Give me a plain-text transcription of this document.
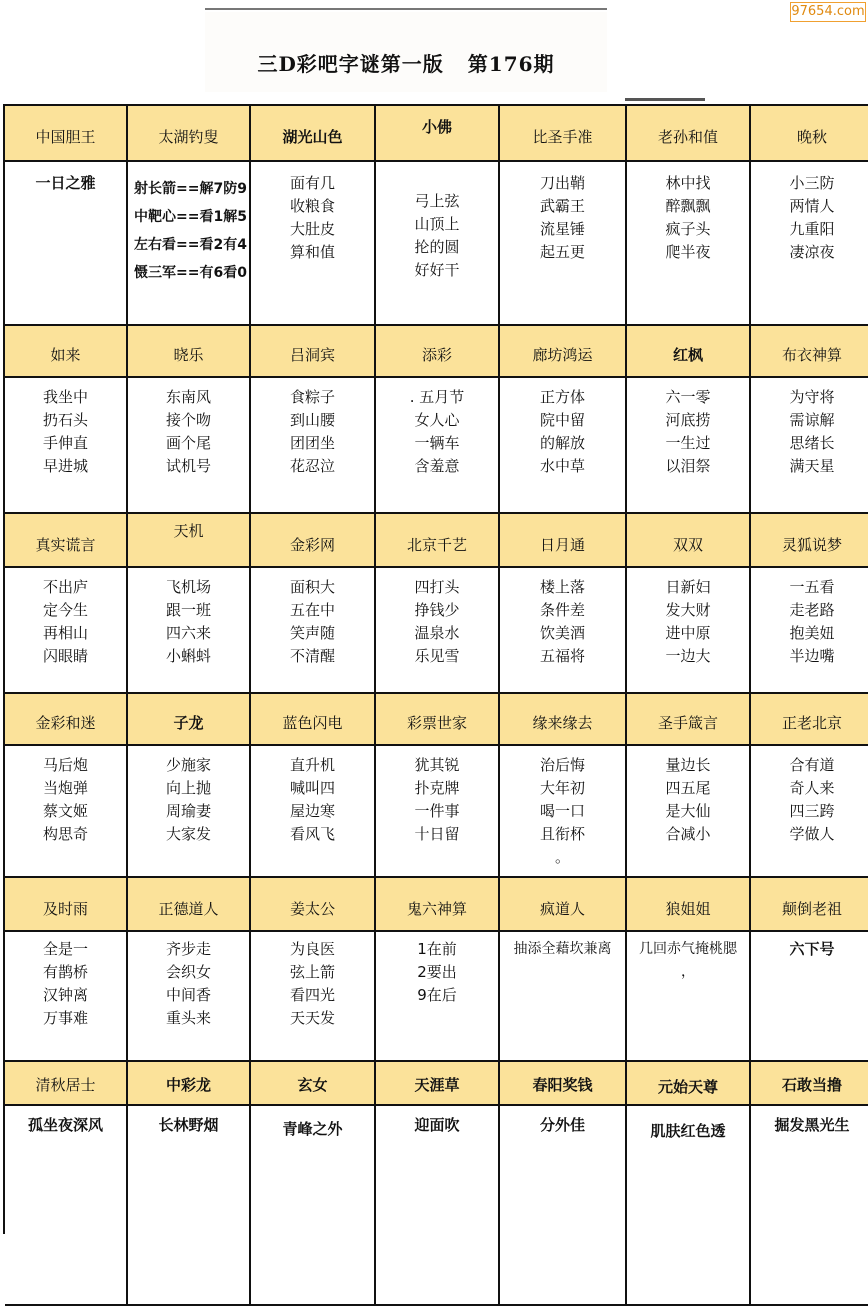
97654.com
三D彩吧字谜第一版 第176期
中国胆王
一日之雅
太湖钓叟
射长箭==解7防9
中靶心==看1解5
左右看==看2有4
慑三军==有6看0
湖光山色
面有几
收粮食
大肚皮
算和值
小佛
弓上弦
山顶上
抡的圆
好好干
比圣手准
刀出鞘
武霸王
流星锤
起五更
老孙和值
林中找
醉飘飘
疯子头
爬半夜
晚秋
小三防
两情人
九重阳
凄凉夜
如来
我坐中
扔石头
手伸直
早进城
晓乐
东南风
接个吻
画个尾
试机号
吕洞宾
食粽子
到山腰
团团坐
花忍泣
添彩
. 五月节
女人心
一辆车
含羞意
廊坊鸿运
正方体
院中留
的解放
水中草
红枫
六一零
河底捞
一生过
以泪祭
布衣神算
为守将
需谅解
思绪长
满天星
真实谎言
不出庐
定今生
再相山
闪眼睛
天机
飞机场
跟一班
四六来
小蝌蚪
金彩网
面积大
五在中
笑声随
不清醒
北京千艺
四打头
挣钱少
温泉水
乐见雪
日月通
楼上落
条件差
饮美酒
五福将
双双
日新妇
发大财
进中原
一边大
灵狐说梦
一五看
走老路
抱美妞
半边嘴
金彩和迷
马后炮
当炮弹
蔡文姬
构思奇
子龙
少施家
向上抛
周瑜妻
大家发
蓝色闪电
直升机
喊叫四
屋边寒
看风飞
彩票世家
犹其锐
扑克牌
一件事
十日留
缘来缘去
治后悔
大年初
喝一口
且衔杯
。
圣手箴言
量边长
四五尾
是大仙
合减小
正老北京
合有道
奇人来
四三跨
学做人
及时雨
全是一
有鹊桥
汉钟离
万事难
正德道人
齐步走
会织女
中间香
重头来
姜太公
为良医
弦上箭
看四光
天天发
鬼六神算
1在前
2要出
9在后
疯道人
抽添全藉坎兼离
狼姐姐
几回赤气掩桃腮
，
颠倒老祖
六下号
清秋居士
孤坐夜深风
中彩龙
长林野烟
玄女
青峰之外
天涯草
迎面吹
春阳奖钱
分外佳
元始天尊
肌肤红色透
石敢当撸
掘发黑光生
